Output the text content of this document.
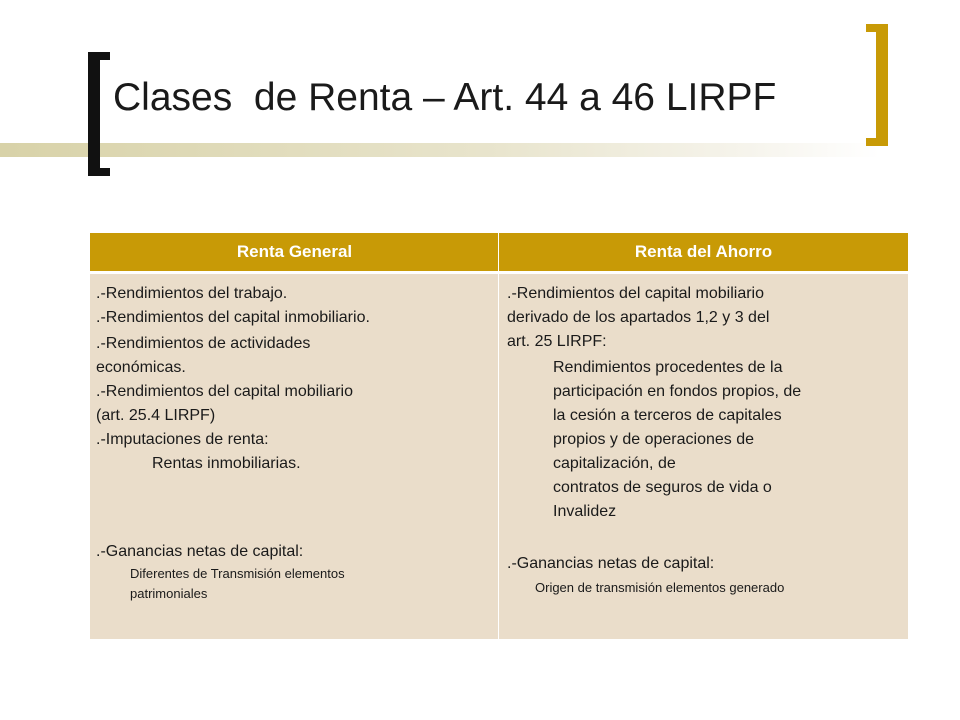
Clases  de Renta – Art. 44 a 46 LIRPF
Renta General	Renta del Ahorro
.-Rendimientos del trabajo.
.-Rendimientos del capital inmobiliario.
.-Rendimientos de actividades
económicas.
.-Rendimientos del capital mobiliario
(art. 25.4 LIRPF)
.-Imputaciones de renta:
Rentas inmobiliarias.
.-Ganancias netas de capital:
Diferentes de Transmisión elementos
patrimoniales
.-Rendimientos del capital mobiliario
derivado de los apartados 1,2 y 3 del
art. 25 LIRPF:
Rendimientos procedentes de la
participación en fondos propios, de
la cesión a terceros de capitales
propios y de operaciones de
capitalización, de
contratos de seguros de vida o
Invalidez
.-Ganancias netas de capital:
Origen de transmisión elementos generado
